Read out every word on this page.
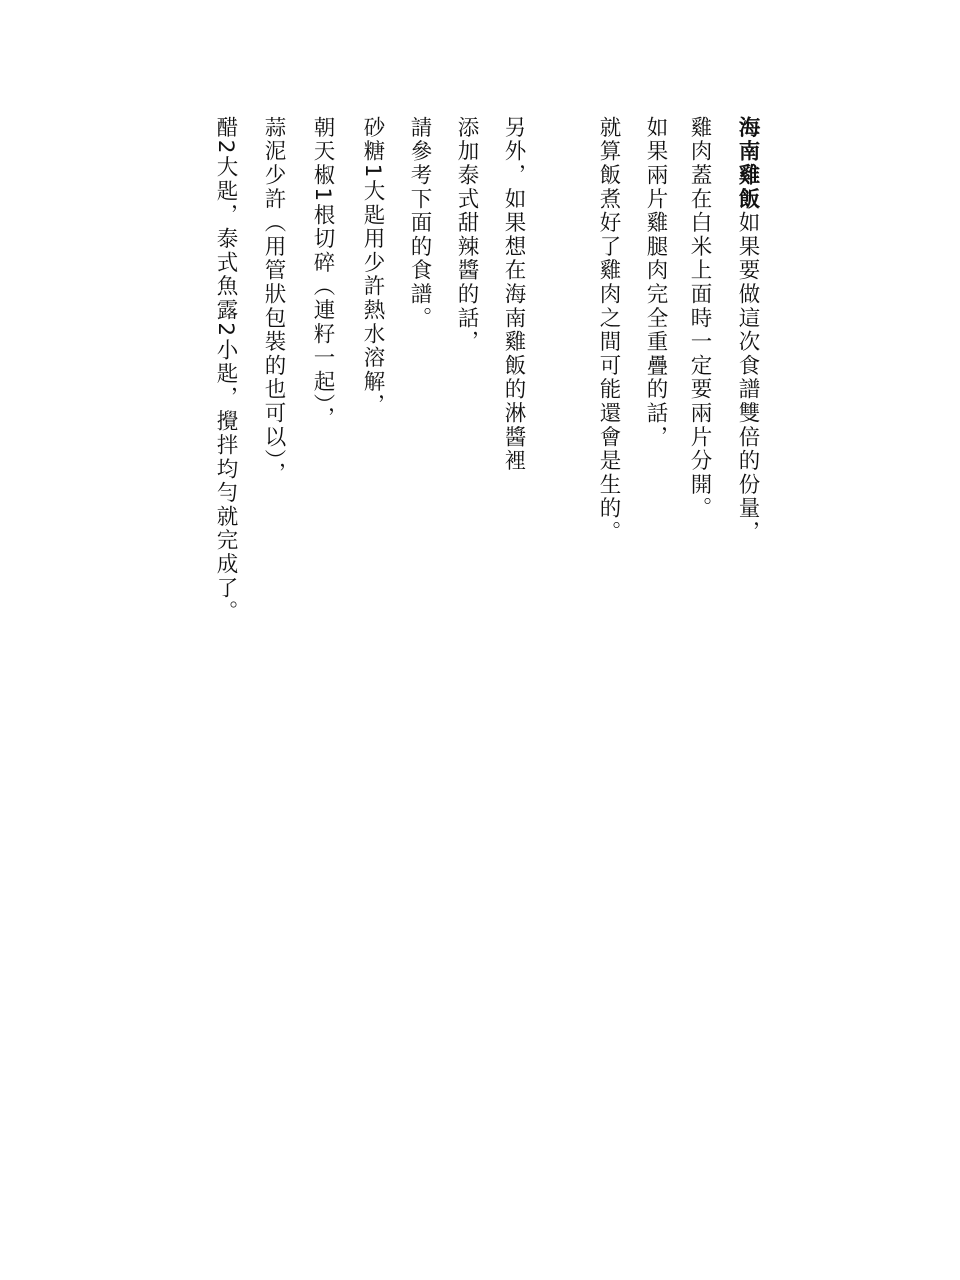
海南雞飯如果要做這次食譜雙倍的份量，
雞肉蓋在白米上面時一定要兩片分開。
如果兩片雞腿肉完全重疊的話，
就算飯煮好了雞肉之間可能還會是生的。
另外，如果想在海南雞飯的淋醬裡
添加泰式甜辣醬的話，
請參考下面的食譜。
砂糖1大匙用少許熱水溶解，
朝天椒1根切碎（連籽一起），
蒜泥少許（用管狀包裝的也可以），
醋2大匙，泰式魚露2小匙，攪拌均勻就完成了。
